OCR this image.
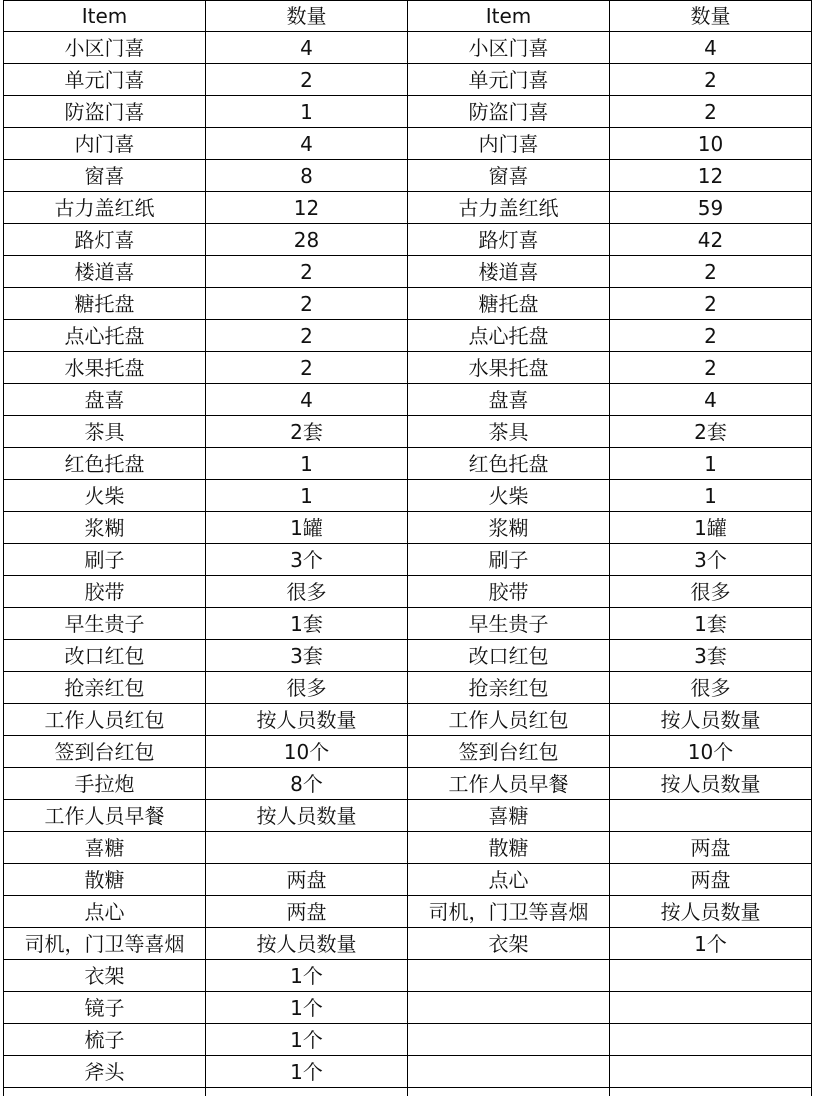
Item	数量	Item	数量
小区门喜	4	小区门喜	4
单元门喜	2	单元门喜	2
防盗门喜	1	防盗门喜	2
内门喜	4	内门喜	10
窗喜	8	窗喜	12
古力盖红纸	12	古力盖红纸	59
路灯喜	28	路灯喜	42
楼道喜	2	楼道喜	2
糖托盘	2	糖托盘	2
点心托盘	2	点心托盘	2
水果托盘	2	水果托盘	2
盘喜	4	盘喜	4
茶具	2套	茶具	2套
红色托盘	1	红色托盘	1
火柴	1	火柴	1
浆糊	1罐	浆糊	1罐
刷子	3个	刷子	3个
胶带	很多	胶带	很多
早生贵子	1套	早生贵子	1套
改口红包	3套	改口红包	3套
抢亲红包	很多	抢亲红包	很多
工作人员红包	按人员数量	工作人员红包	按人员数量
签到台红包	10个	签到台红包	10个
手拉炮	8个	工作人员早餐	按人员数量
工作人员早餐	按人员数量	喜糖	
喜糖		散糖	两盘
散糖	两盘	点心	两盘
点心	两盘	司机，门卫等喜烟	按人员数量
司机，门卫等喜烟	按人员数量	衣架	1个
衣架	1个		
镜子	1个		
梳子	1个		
斧头	1个		
